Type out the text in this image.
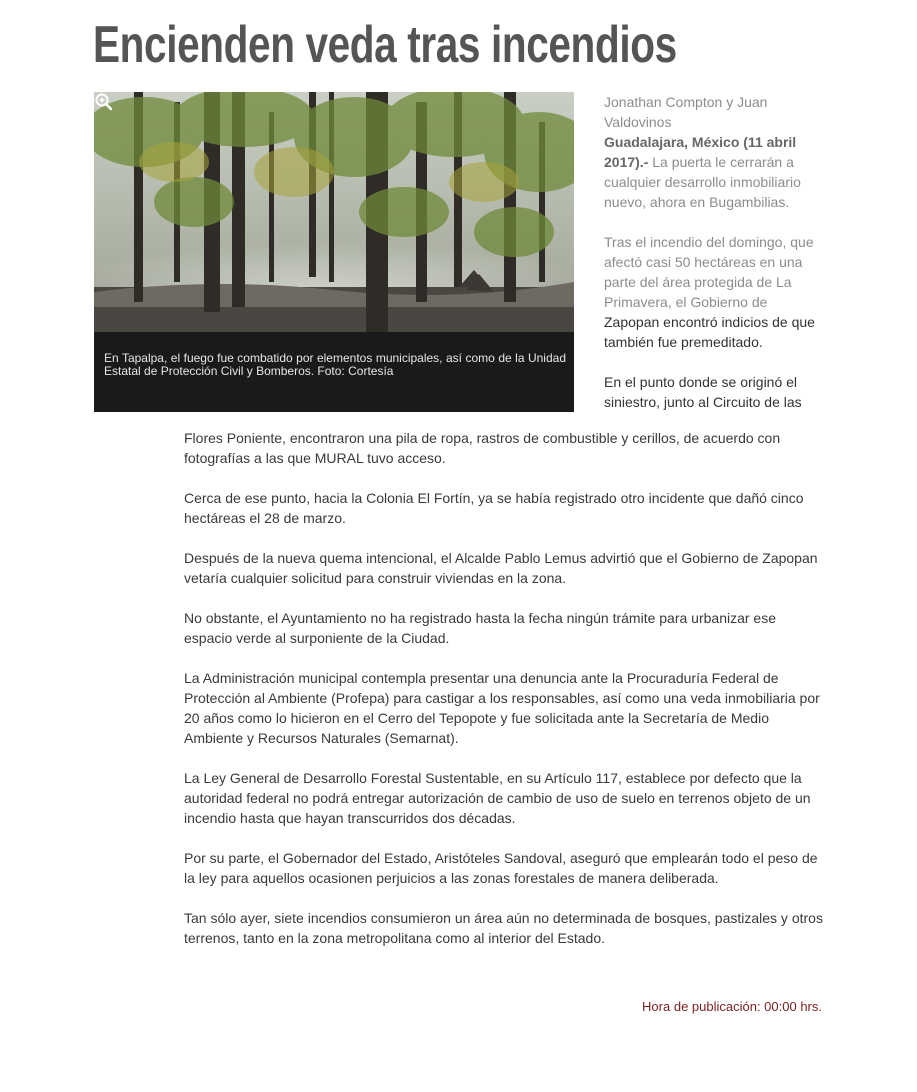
Encienden veda tras incendios

En Tapalpa, el fuego fue combatido por elementos municipales, así como de la Unidad Estatal de Protección Civil y Bomberos. Foto: Cortesía

Jonathan Compton y Juan Valdovinos

Guadalajara, México (11 abril 2017).- La puerta le cerrarán a cualquier desarrollo inmobiliario nuevo, ahora en Bugambilias.

Tras el incendio del domingo, que afectó casi 50 hectáreas en una parte del área protegida de La Primavera, el Gobierno de Zapopan encontró indicios de que también fue premeditado.

En el punto donde se originó el siniestro, junto al Circuito de las

Flores Poniente, encontraron una pila de ropa, rastros de combustible y cerillos, de acuerdo con fotografías a las que MURAL tuvo acceso.

Cerca de ese punto, hacia la Colonia El Fortín, ya se había registrado otro incidente que dañó cinco hectáreas el 28 de marzo.

Después de la nueva quema intencional, el Alcalde Pablo Lemus advirtió que el Gobierno de Zapopan vetaría cualquier solicitud para construir viviendas en la zona.

No obstante, el Ayuntamiento no ha registrado hasta la fecha ningún trámite para urbanizar ese espacio verde al surponiente de la Ciudad.

La Administración municipal contempla presentar una denuncia ante la Procuraduría Federal de Protección al Ambiente (Profepa) para castigar a los responsables, así como una veda inmobiliaria por 20 años como lo hicieron en el Cerro del Tepopote y fue solicitada ante la Secretaría de Medio Ambiente y Recursos Naturales (Semarnat).

La Ley General de Desarrollo Forestal Sustentable, en su Artículo 117, establece por defecto que la autoridad federal no podrá entregar autorización de cambio de uso de suelo en terrenos objeto de un incendio hasta que hayan transcurridos dos décadas.

Por su parte, el Gobernador del Estado, Aristóteles Sandoval, aseguró que emplearán todo el peso de la ley para aquellos ocasionen perjuicios a las zonas forestales de manera deliberada.

Tan sólo ayer, siete incendios consumieron un área aún no determinada de bosques, pastizales y otros terrenos, tanto en la zona metropolitana como al interior del Estado.

Hora de publicación: 00:00 hrs.
